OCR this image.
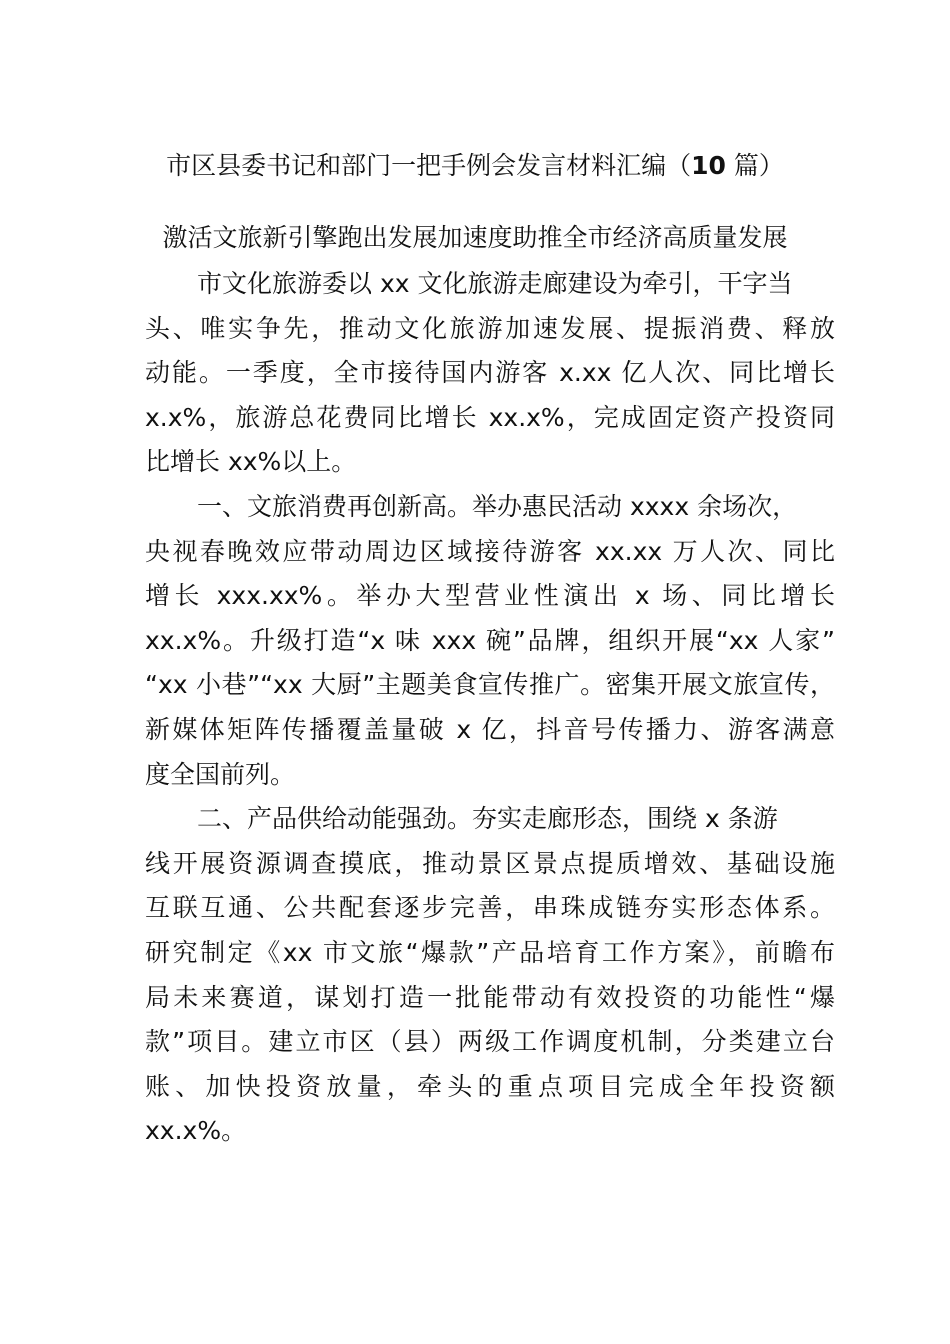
市区县委书记和部门一把手例会发言材料汇编（10 篇）
激活文旅新引擎跑出发展加速度助推全市经济高质量发展
市文化旅游委以 xx 文化旅游走廊建设为牵引，干字当
头、唯实争先，推动文化旅游加速发展、提振消费、释放
动能。一季度，全市接待国内游客 x.xx 亿人次、同比增长
x.x%，旅游总花费同比增长 xx.x%，完成固定资产投资同
比增长 xx%以上。
一、文旅消费再创新高。举办惠民活动 xxxx 余场次，
央视春晚效应带动周边区域接待游客 xx.xx 万人次、同比
增长 xxx.xx%。举办大型营业性演出 x 场、同比增长
xx.x%。升级打造“x 味 xxx 碗”品牌，组织开展“xx 人家”
“xx 小巷”“xx 大厨”主题美食宣传推广。密集开展文旅宣传，
新媒体矩阵传播覆盖量破 x 亿，抖音号传播力、游客满意
度全国前列。
二、产品供给动能强劲。夯实走廊形态，围绕 x 条游
线开展资源调查摸底，推动景区景点提质增效、基础设施
互联互通、公共配套逐步完善，串珠成链夯实形态体系。
研究制定《xx 市文旅“爆款”产品培育工作方案》，前瞻布
局未来赛道，谋划打造一批能带动有效投资的功能性“爆
款”项目。建立市区（县）两级工作调度机制，分类建立台
账、加快投资放量，牵头的重点项目完成全年投资额
xx.x%。
